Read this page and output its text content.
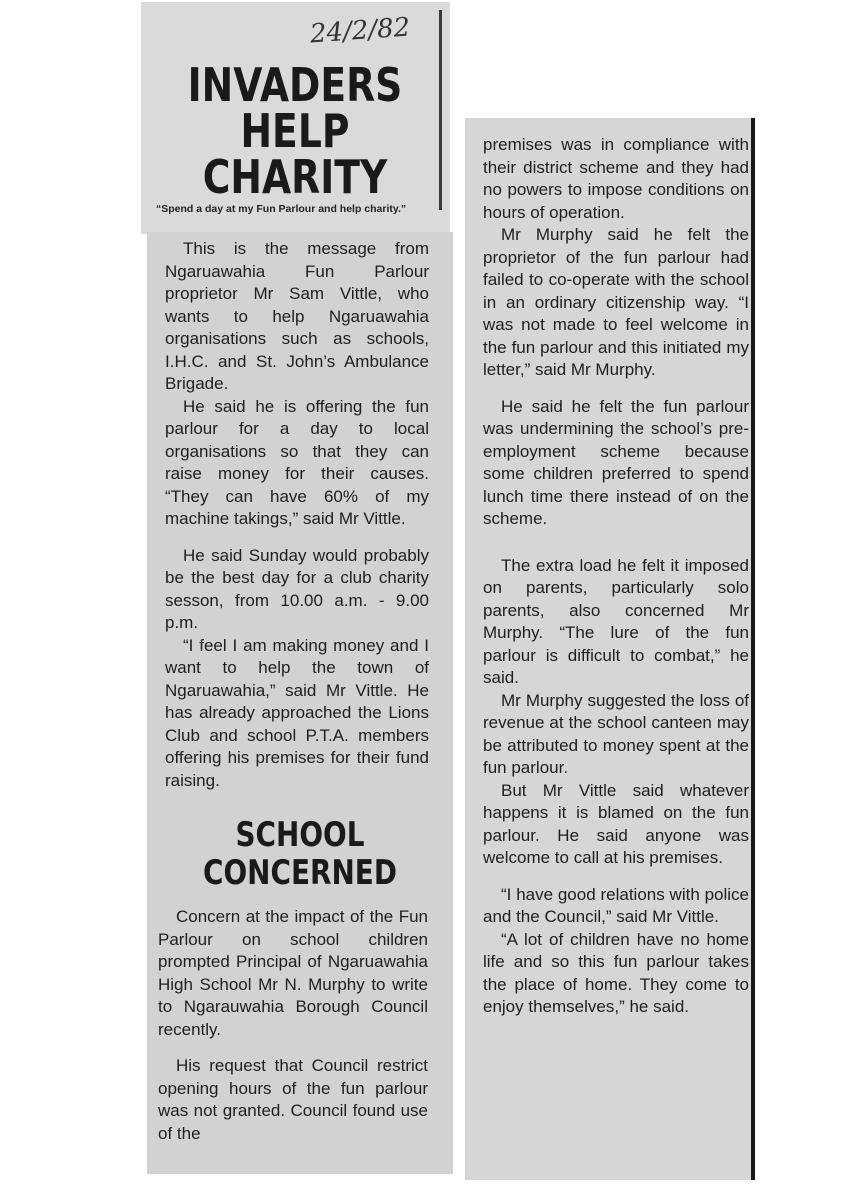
24/2/82
INVADERS
HELP
CHARITY
“Spend a day at my Fun Parlour and help charity.”

This is the message from Ngaruawahia Fun Parlour proprietor Mr Sam Vittle, who wants to help Ngaruawahia organisations such as schools, I.H.C. and St. John’s Ambulance Brigade.

He said he is offering the fun parlour for a day to local organisations so that they can raise money for their causes. “They can have 60% of my machine takings,” said Mr Vittle.

He said Sunday would probably be the best day for a club charity sesson, from 10.00 a.m. - 9.00 p.m.

“I feel I am making money and I want to help the town of Ngaruawahia,” said Mr Vittle. He has already approached the Lions Club and school P.T.A. members offering his premises for their fund raising.

SCHOOL
CONCERNED

Concern at the impact of the Fun Parlour on school children prompted Principal of Ngaruawahia High School Mr N. Murphy to write to Ngarauwahia Borough Council recently.

His request that Council restrict opening hours of the fun parlour was not granted. Council found use of the

premises was in compliance with their district scheme and they had no powers to impose conditions on hours of operation.

Mr Murphy said he felt the proprietor of the fun parlour had failed to co-operate with the school in an ordinary citizenship way. “I was not made to feel welcome in the fun parlour and this initiated my letter,” said Mr Murphy.

He said he felt the fun parlour was undermining the school’s pre-employment scheme because some children preferred to spend lunch time there instead of on the scheme.

The extra load he felt it imposed on parents, particularly solo parents, also concerned Mr Murphy. “The lure of the fun parlour is difficult to combat,” he said.

Mr Murphy suggested the loss of revenue at the school canteen may be attributed to money spent at the fun parlour.

But Mr Vittle said whatever happens it is blamed on the fun parlour. He said anyone was welcome to call at his premises.

“I have good relations with police and the Council,” said Mr Vittle.

“A lot of children have no home life and so this fun parlour takes the place of home. They come to enjoy themselves,” he said.
